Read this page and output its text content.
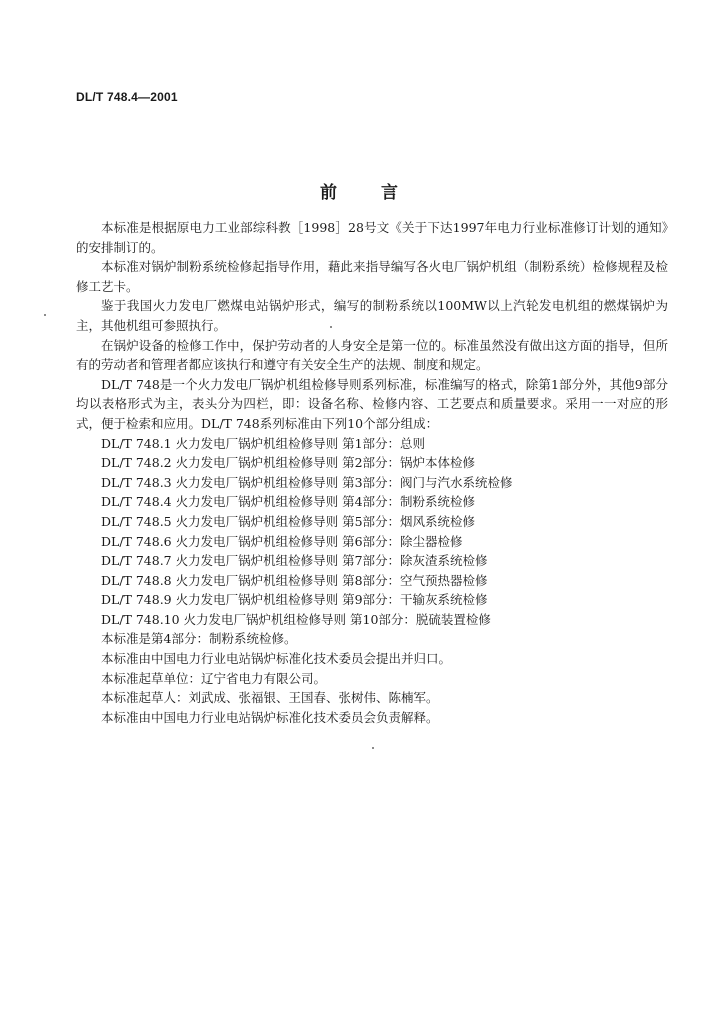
DL/T 748.4—2001
前	言

本标准是根据原电力工业部综科教［1998］28号文《关于下达1997年电力行业标准修订计划的通知》的安排制订的。

本标准对锅炉制粉系统检修起指导作用，藉此来指导编写各火电厂锅炉机组（制粉系统）检修规程及检修工艺卡。

鉴于我国火力发电厂燃煤电站锅炉形式，编写的制粉系统以100MW以上汽轮发电机组的燃煤锅炉为主，其他机组可参照执行。

在锅炉设备的检修工作中，保护劳动者的人身安全是第一位的。标准虽然没有做出这方面的指导，但所有的劳动者和管理者都应该执行和遵守有关安全生产的法规、制度和规定。

DL/T 748是一个火力发电厂锅炉机组检修导则系列标准，标准编写的格式，除第1部分外，其他9部分均以表格形式为主，表头分为四栏，即：设备名称、检修内容、工艺要点和质量要求。采用一一对应的形式，便于检索和应用。DL/T 748系列标准由下列10个部分组成：

DL/T 748.1 火力发电厂锅炉机组检修导则 第1部分：总则
DL/T 748.2 火力发电厂锅炉机组检修导则 第2部分：锅炉本体检修
DL/T 748.3 火力发电厂锅炉机组检修导则 第3部分：阀门与汽水系统检修
DL/T 748.4 火力发电厂锅炉机组检修导则 第4部分：制粉系统检修
DL/T 748.5 火力发电厂锅炉机组检修导则 第5部分：烟风系统检修
DL/T 748.6 火力发电厂锅炉机组检修导则 第6部分：除尘器检修
DL/T 748.7 火力发电厂锅炉机组检修导则 第7部分：除灰渣系统检修
DL/T 748.8 火力发电厂锅炉机组检修导则 第8部分：空气预热器检修
DL/T 748.9 火力发电厂锅炉机组检修导则 第9部分：干输灰系统检修
DL/T 748.10 火力发电厂锅炉机组检修导则 第10部分：脱硫装置检修

本标准是第4部分：制粉系统检修。

本标准由中国电力行业电站锅炉标准化技术委员会提出并归口。

本标准起草单位：辽宁省电力有限公司。

本标准起草人：刘武成、张福银、王国春、张树伟、陈楠军。

本标准由中国电力行业电站锅炉标准化技术委员会负责解释。
